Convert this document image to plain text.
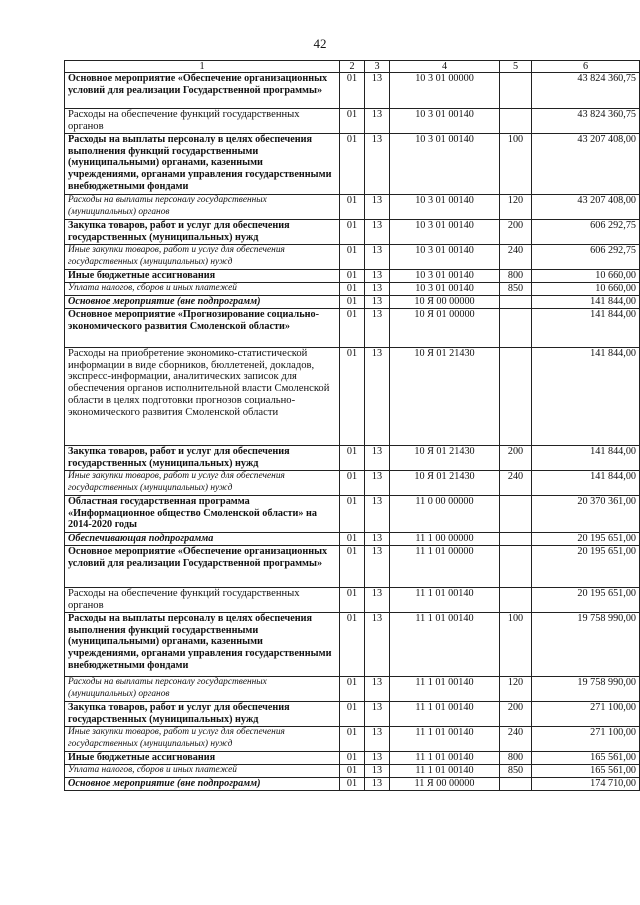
42
1	2	3	4	5	6
Основное мероприятие «Обеспечение организационных условий для реализации Государственной программы»	01	13	10 3 01 00000		43 824 360,75
Расходы на обеспечение функций государственных органов	01	13	10 3 01 00140		43 824 360,75
Расходы на выплаты персоналу в целях обеспечения выполнения функций государственными (муниципальными) органами, казенными учреждениями, органами управления государственными внебюджетными фондами	01	13	10 3 01 00140	100	43 207 408,00
Расходы на выплаты персоналу государственных (муниципальных) органов	01	13	10 3 01 00140	120	43 207 408,00
Закупка товаров, работ и услуг для обеспечения государственных (муниципальных) нужд	01	13	10 3 01 00140	200	606 292,75
Иные закупки товаров, работ и услуг для обеспечения государственных (муниципальных) нужд	01	13	10 3 01 00140	240	606 292,75
Иные бюджетные ассигнования	01	13	10 3 01 00140	800	10 660,00
Уплата налогов, сборов и иных платежей	01	13	10 3 01 00140	850	10 660,00
Основное мероприятие (вне подпрограмм)	01	13	10 Я 00 00000		141 844,00
Основное мероприятие «Прогнозирование социально-экономического развития Смоленской области»	01	13	10 Я 01 00000		141 844,00
Расходы на приобретение экономико-статистической информации в виде сборников, бюллетеней, докладов, экспресс-информации, аналитических записок для обеспечения органов исполнительной власти Смоленской области в целях подготовки прогнозов социально-экономического развития Смоленской области	01	13	10 Я 01 21430		141 844,00
Закупка товаров, работ и услуг для обеспечения государственных (муниципальных) нужд	01	13	10 Я 01 21430	200	141 844,00
Иные закупки товаров, работ и услуг для обеспечения государственных (муниципальных) нужд	01	13	10 Я 01 21430	240	141 844,00
Областная государственная программа «Информационное общество Смоленской области» на 2014-2020 годы	01	13	11 0 00 00000		20 370 361,00
Обеспечивающая подпрограмма	01	13	11 1 00 00000		20 195 651,00
Основное мероприятие «Обеспечение организационных условий для реализации Государственной программы»	01	13	11 1 01 00000		20 195 651,00
Расходы на обеспечение функций государственных органов	01	13	11 1 01 00140		20 195 651,00
Расходы на выплаты персоналу в целях обеспечения выполнения функций государственными (муниципальными) органами, казенными учреждениями, органами управления государственными внебюджетными фондами	01	13	11 1 01 00140	100	19 758 990,00
Расходы на выплаты персоналу государственных (муниципальных) органов	01	13	11 1 01 00140	120	19 758 990,00
Закупка товаров, работ и услуг для обеспечения государственных (муниципальных) нужд	01	13	11 1 01 00140	200	271 100,00
Иные закупки товаров, работ и услуг для обеспечения государственных (муниципальных) нужд	01	13	11 1 01 00140	240	271 100,00
Иные бюджетные ассигнования	01	13	11 1 01 00140	800	165 561,00
Уплата налогов, сборов и иных платежей	01	13	11 1 01 00140	850	165 561,00
Основное мероприятие (вне подпрограмм)	01	13	11 Я 00 00000		174 710,00
